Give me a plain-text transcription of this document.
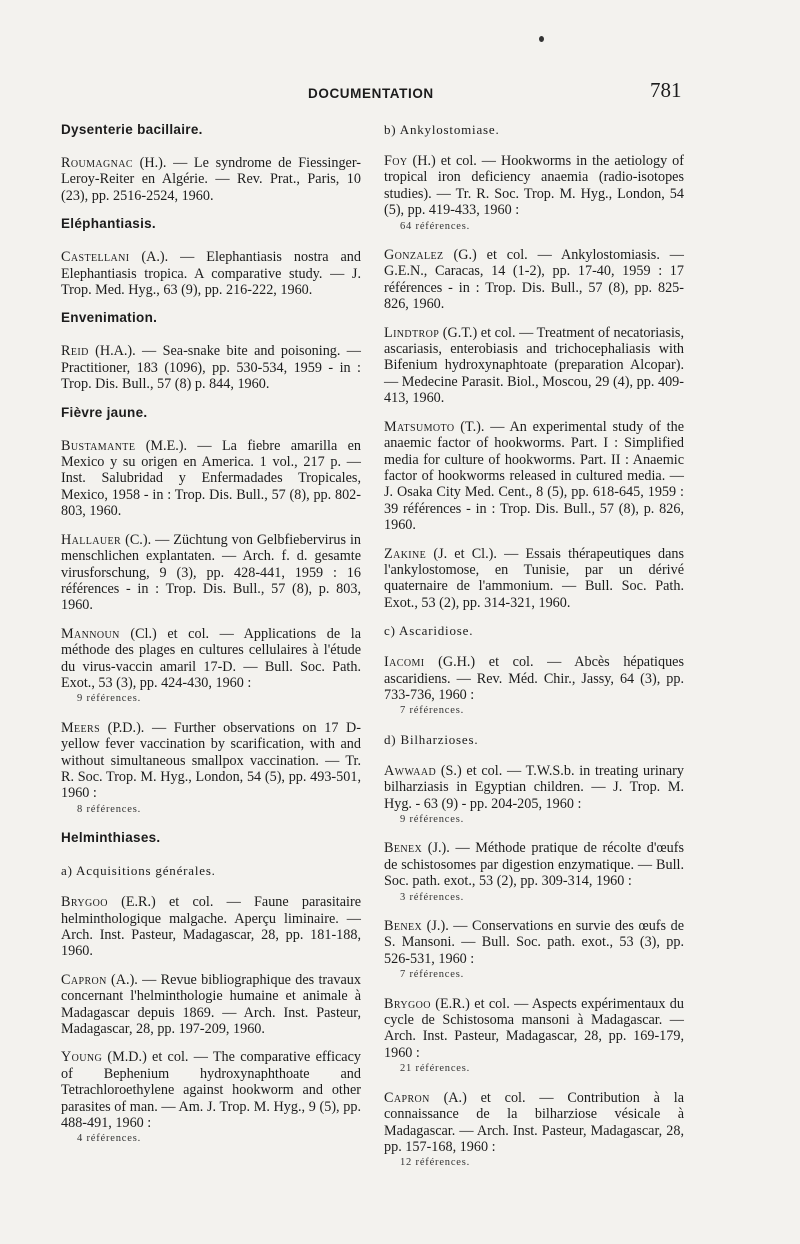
DOCUMENTATION	781
Dysenterie bacillaire.
Roumagnac (H.). — Le syndrome de Fiessinger-Leroy-Reiter en Algérie. — Rev. Prat., Paris, 10 (23), pp. 2516-2524, 1960.
Eléphantiasis.
Castellani (A.). — Elephantiasis nostra and Elephantiasis tropica. A comparative study. — J. Trop. Med. Hyg., 63 (9), pp. 216-222, 1960.
Envenimation.
Reid (H.A.). — Sea-snake bite and poisoning. — Practitioner, 183 (1096), pp. 530-534, 1959 - in : Trop. Dis. Bull., 57 (8) p. 844, 1960.
Fièvre jaune.
Bustamante (M.E.). — La fiebre amarilla en Mexico y su origen en America. 1 vol., 217 p. — Inst. Salubridad y Enfermadades Tropicales, Mexico, 1958 - in : Trop. Dis. Bull., 57 (8), pp. 802-803, 1960.
Hallauer (C.). — Züchtung von Gelbfiebervirus in menschlichen explantaten. — Arch. f. d. gesamte virusforschung, 9 (3), pp. 428-441, 1959 : 16 références - in : Trop. Dis. Bull., 57 (8), p. 803, 1960.
Mannoun (Cl.) et col. — Applications de la méthode des plages en cultures cellulaires à l'étude du virus-vaccin amaril 17-D. — Bull. Soc. Path. Exot., 53 (3), pp. 424-430, 1960 :
9 références.
Meers (P.D.). — Further observations on 17 D-yellow fever vaccination by scarification, with and without simultaneous smallpox vaccination. — Tr. R. Soc. Trop. M. Hyg., London, 54 (5), pp. 493-501, 1960 :
8 références.
Helminthiases.
a) Acquisitions générales.
Brygoo (E.R.) et col. — Faune parasitaire helminthologique malgache. Aperçu liminaire. — Arch. Inst. Pasteur, Madagascar, 28, pp. 181-188, 1960.
Capron (A.). — Revue bibliographique des travaux concernant l'helminthologie humaine et animale à Madagascar depuis 1869. — Arch. Inst. Pasteur, Madagascar, 28, pp. 197-209, 1960.
Young (M.D.) et col. — The comparative efficacy of Bephenium hydroxynaphthoate and Tetrachloroethylene against hookworm and other parasites of man. — Am. J. Trop. M. Hyg., 9 (5), pp. 488-491, 1960 :
4 références.
b) Ankylostomiase.
Foy (H.) et col. — Hookworms in the aetiology of tropical iron deficiency anaemia (radio-isotopes studies). — Tr. R. Soc. Trop. M. Hyg., London, 54 (5), pp. 419-433, 1960 :
64 références.
Gonzalez (G.) et col. — Ankylostomiasis. — G.E.N., Caracas, 14 (1-2), pp. 17-40, 1959 : 17 références - in : Trop. Dis. Bull., 57 (8), pp. 825-826, 1960.
Lindtrop (G.T.) et col. — Treatment of necatoriasis, ascariasis, enterobiasis and trichocephaliasis with Bifenium hydroxynaphtoate (preparation Alcopar). — Medecine Parasit. Biol., Moscou, 29 (4), pp. 409-413, 1960.
Matsumoto (T.). — An experimental study of the anaemic factor of hookworms. Part. I : Simplified media for culture of hookworms. Part. II : Anaemic factor of hookworms released in cultured media. — J. Osaka City Med. Cent., 8 (5), pp. 618-645, 1959 : 39 références - in : Trop. Dis. Bull., 57 (8), p. 826, 1960.
Zakine (J. et Cl.). — Essais thérapeutiques dans l'ankylostomose, en Tunisie, par un dérivé quaternaire de l'ammonium. — Bull. Soc. Path. Exot., 53 (2), pp. 314-321, 1960.
c) Ascaridiose.
Iacomi (G.H.) et col. — Abcès hépatiques ascaridiens. — Rev. Méd. Chir., Jassy, 64 (3), pp. 733-736, 1960 :
7 références.
d) Bilharzioses.
Awwaad (S.) et col. — T.W.S.b. in treating urinary bilharziasis in Egyptian children. — J. Trop. M. Hyg. - 63 (9) - pp. 204-205, 1960 :
9 références.
Benex (J.). — Méthode pratique de récolte d'œufs de schistosomes par digestion enzymatique. — Bull. Soc. path. exot., 53 (2), pp. 309-314, 1960 :
3 références.
Benex (J.). — Conservations en survie des œufs de S. Mansoni. — Bull. Soc. path. exot., 53 (3), pp. 526-531, 1960 :
7 références.
Brygoo (E.R.) et col. — Aspects expérimentaux du cycle de Schistosoma mansoni à Madagascar. — Arch. Inst. Pasteur, Madagascar, 28, pp. 169-179, 1960 :
21 références.
Capron (A.) et col. — Contribution à la connaissance de la bilharziose vésicale à Madagascar. — Arch. Inst. Pasteur, Madagascar, 28, pp. 157-168, 1960 :
12 références.
